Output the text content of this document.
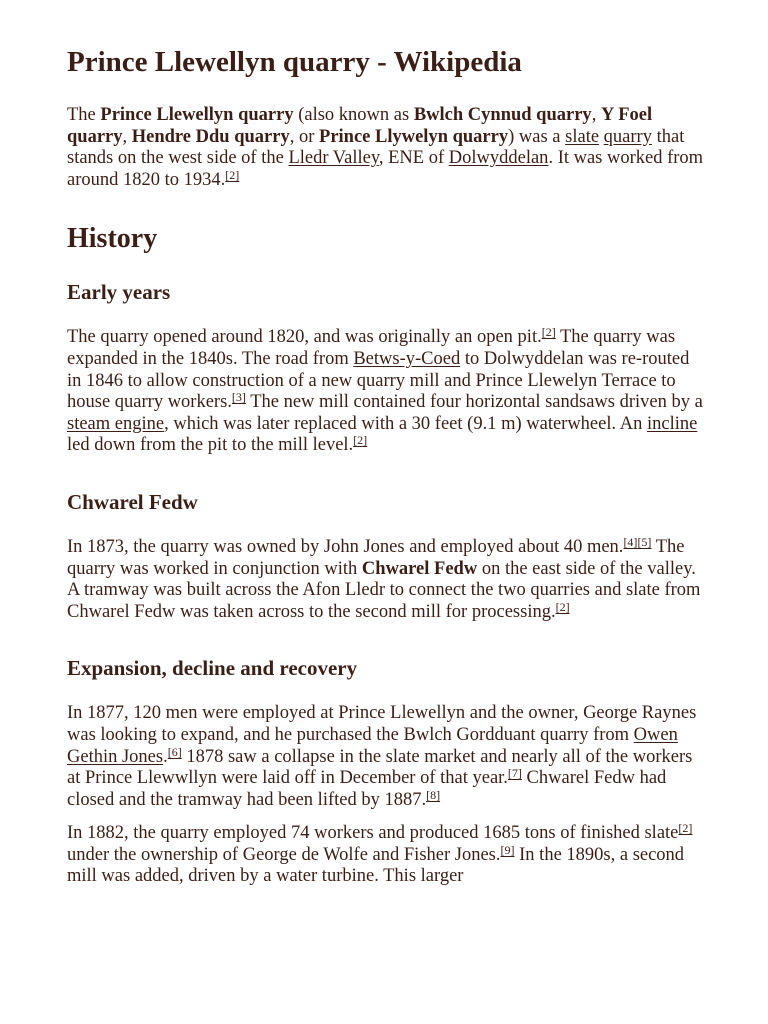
Prince Llewellyn quarry - Wikipedia

The Prince Llewellyn quarry (also known as Bwlch Cynnud quarry, Y Foel quarry, Hendre Ddu quarry, or Prince Llywelyn quarry) was a slate quarry that stands on the west side of the Lledr Valley, ENE of Dolwyddelan. It was worked from around 1820 to 1934.[2]

History
Early years

The quarry opened around 1820, and was originally an open pit.[2] The quarry was expanded in the 1840s. The road from Betws-y-Coed to Dolwyddelan was re-routed in 1846 to allow construction of a new quarry mill and Prince Llewelyn Terrace to house quarry workers.[3] The new mill contained four horizontal sandsaws driven by a steam engine, which was later replaced with a 30 feet (9.1 m) waterwheel. An incline led down from the pit to the mill level.[2]

Chwarel Fedw

In 1873, the quarry was owned by John Jones and employed about 40 men.[4][5] The quarry was worked in conjunction with Chwarel Fedw on the east side of the valley. A tramway was built across the Afon Lledr to connect the two quarries and slate from Chwarel Fedw was taken across to the second mill for processing.[2]

Expansion, decline and recovery

In 1877, 120 men were employed at Prince Llewellyn and the owner, George Raynes was looking to expand, and he purchased the Bwlch Gordduant quarry from Owen Gethin Jones.[6] 1878 saw a collapse in the slate market and nearly all of the workers at Prince Llewwllyn were laid off in December of that year.[7] Chwarel Fedw had closed and the tramway had been lifted by 1887.[8]

In 1882, the quarry employed 74 workers and produced 1685 tons of finished slate[2] under the ownership of George de Wolfe and Fisher Jones.[9] In the 1890s, a second mill was added, driven by a water turbine. This larger
